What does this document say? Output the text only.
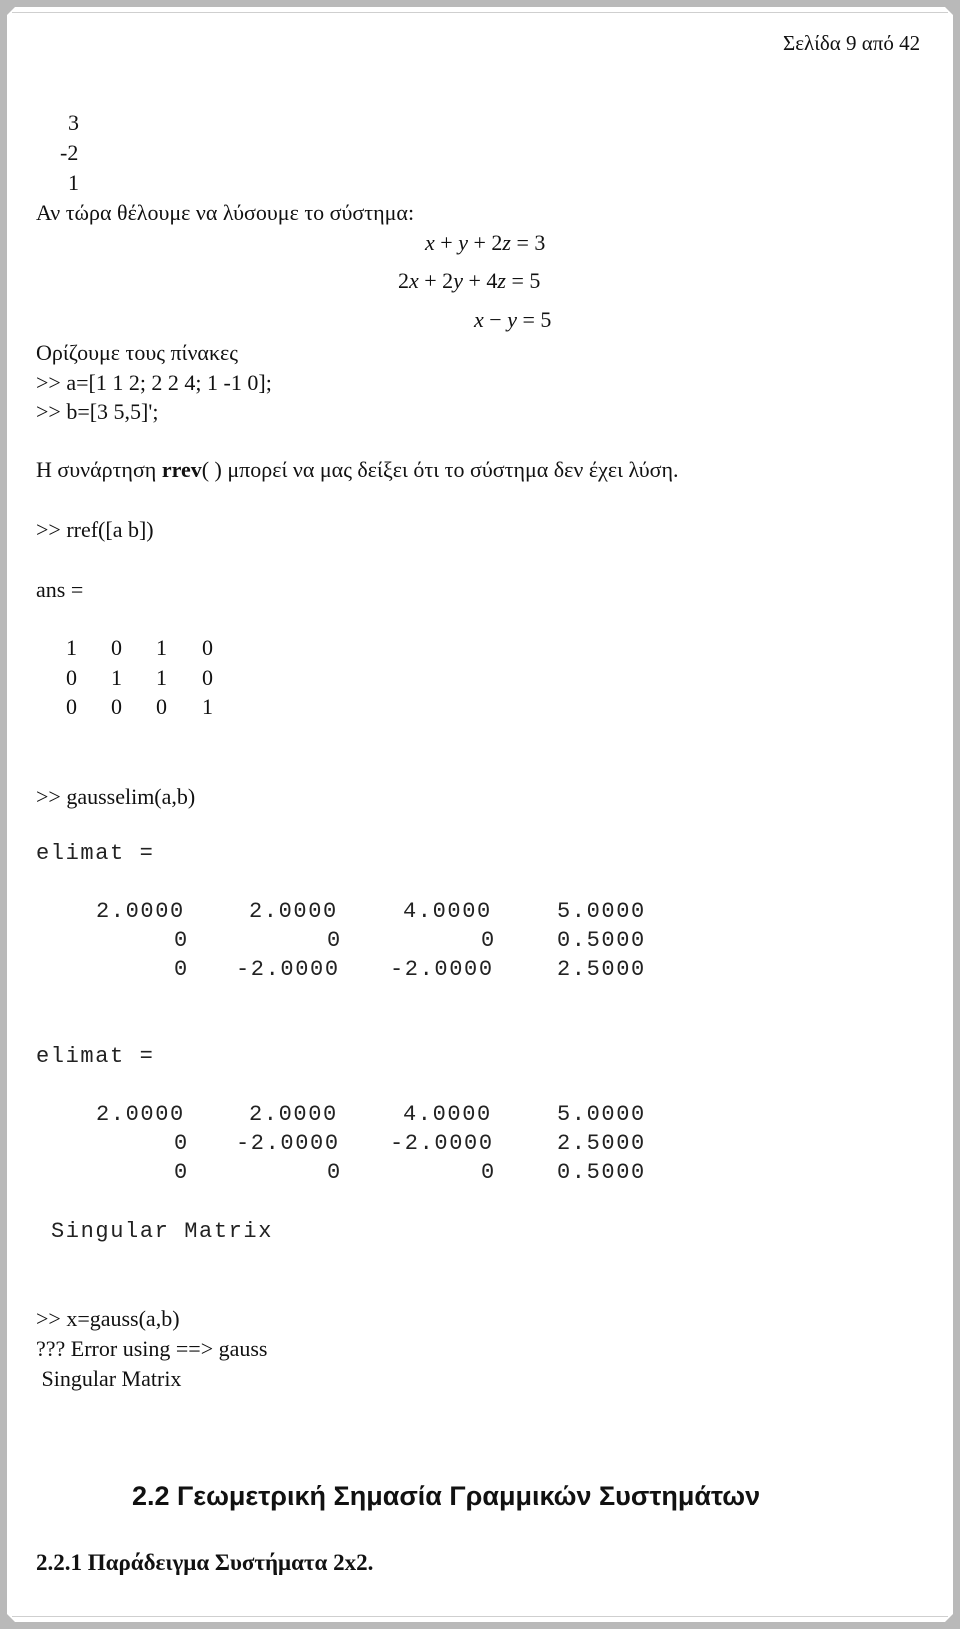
Σελίδα 9 από 42
3
-2
1
Αν τώρα θέλουμε να λύσουμε το σύστημα:
x + y + 2z = 3
2x + 2y + 4z = 5
x − y = 5
Ορίζουμε τους πίνακες
>> a=[1 1 2; 2 2 4; 1 -1 0];
>> b=[3 5,5]';
Η συνάρτηση rrev( ) μπορεί να μας δείξει ότι το σύστημα δεν έχει λύση.
>> rref([a b])
ans =
1 0 1 0
0 1 1 0
0 0 0 1
>> gausselim(a,b)
elimat =
2.0000	2.0000	4.0000	5.0000
0	0	0	0.5000
0 -2.0000 -2.0000	2.5000
elimat =
2.0000	2.0000	4.0000	5.0000
0 -2.0000 -2.0000	2.5000
0	0	0	0.5000
Singular Matrix
>> x=gauss(a,b)
??? Error using ==> gauss
Singular Matrix
2.2 Γεωμετρική Σημασία Γραμμικών Συστημάτων
2.2.1 Παράδειγμα Συστήματα 2x2.
